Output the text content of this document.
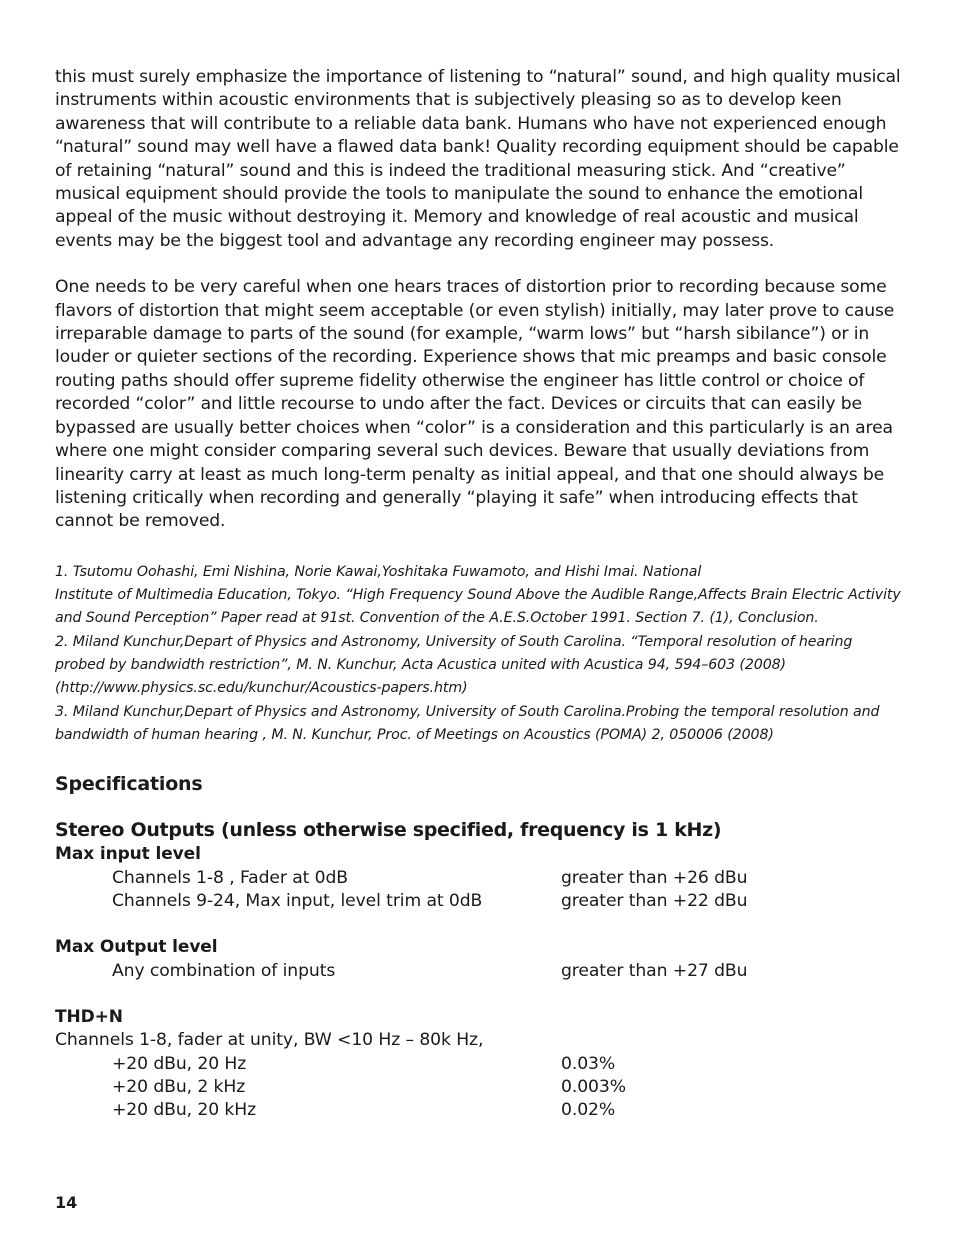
this must surely emphasize the importance of listening to “natural” sound, and high quality musical instruments within acoustic environments that is subjectively pleasing so as to develop keen awareness that will contribute to a reliable data bank. Humans who have not experienced enough “natural” sound may well have a flawed data bank! Quality recording equipment should be capable of retaining “natural” sound and this is indeed the traditional measuring stick. And “creative” musical equipment should provide the tools to manipulate the sound to enhance the emotional appeal of the music without destroying it. Memory and knowledge of real acoustic and musical events may be the biggest tool and advantage any recording engineer may possess.

One needs to be very careful when one hears traces of distortion prior to recording because some flavors of distortion that might seem acceptable (or even stylish) initially, may later prove to cause irreparable damage to parts of the sound (for example, “warm lows” but “harsh sibilance”) or in louder or quieter sections of the recording. Experience shows that mic preamps and basic console routing paths should offer supreme fidelity otherwise the engineer has little control or choice of recorded “color” and little recourse to undo after the fact. Devices or circuits that can easily be bypassed are usually better choices when “color” is a consideration and this particularly is an area where one might consider comparing several such devices. Beware that usually deviations from linearity carry at least as much long-term penalty as initial appeal, and that one should always be listening critically when recording and generally “playing it safe” when introducing effects that cannot be removed.

1. Tsutomu Oohashi, Emi Nishina, Norie Kawai,Yoshitaka Fuwamoto, and Hishi Imai. National

Institute of Multimedia Education, Tokyo. “High Frequency Sound Above the Audible Range,Affects Brain Electric Activity and Sound Perception” Paper read at 91st. Convention of the A.E.S.October 1991. Section 7. (1), Conclusion.

2. Miland Kunchur,Depart of Physics and Astronomy, University of South Carolina. “Temporal resolution of hearing probed by bandwidth restriction”, M. N. Kunchur, Acta Acustica united with Acustica 94, 594–603 (2008) (http://www.physics.sc.edu/kunchur/Acoustics-papers.htm)

3. Miland Kunchur,Depart of Physics and Astronomy, University of South Carolina.Probing the temporal resolution and bandwidth of human hearing , M. N. Kunchur, Proc. of Meetings on Acoustics (POMA) 2, 050006 (2008)

Specifications
Stereo Outputs (unless otherwise specified, frequency is 1 kHz)
Max input level
Channels 1-8 , Fader at 0dB	greater than +26 dBu
Channels 9-24, Max input, level trim at 0dB	greater than +22 dBu
Max Output level
Any combination of inputs	greater than +27 dBu
THD+N
Channels 1-8, fader at unity, BW <10 Hz – 80k Hz,
+20 dBu, 20 Hz	0.03%
+20 dBu, 2 kHz	0.003%
+20 dBu, 20 kHz	0.02%
14
